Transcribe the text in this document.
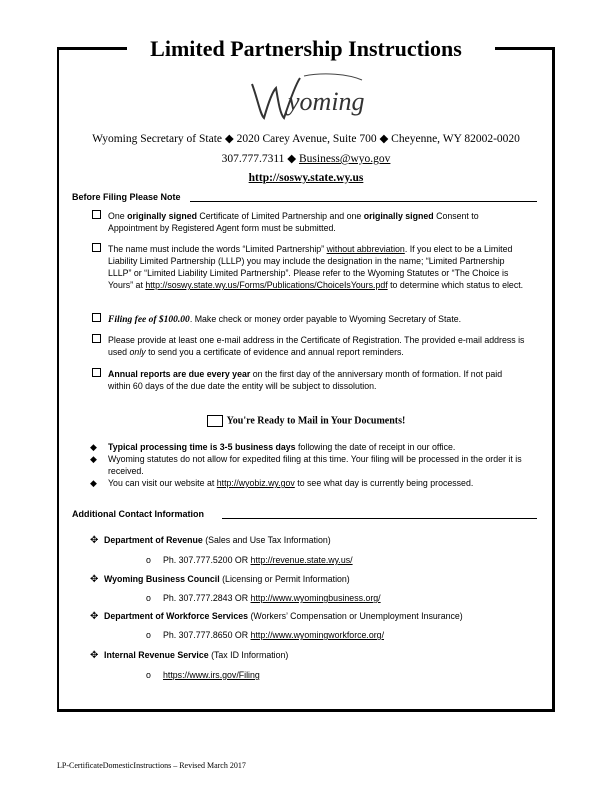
Limited Partnership Instructions
yoming
Wyoming Secretary of State ◆ 2020 Carey Avenue, Suite 700 ◆ Cheyenne, WY 82002-0020
307.777.7311 ◆ Business@wyo.gov
http://soswy.state.wy.us
Before Filing Please Note
One originally signed Certificate of Limited Partnership and one originally signed Consent to Appointment by Registered Agent form must be submitted.
The name must include the words “Limited Partnership” without abbreviation. If you elect to be a Limited Liability Limited Partnership (LLLP) you may include the designation in the name; “Limited Partnership LLLP” or “Limited Liability Limited Partnership”. Please refer to the Wyoming Statutes or “The Choice is Yours” at http://soswy.state.wy.us/Forms/Publications/ChoiceIsYours.pdf to determine which status to elect.
Filing fee of $100.00. Make check or money order payable to Wyoming Secretary of State.
Please provide at least one e-mail address in the Certificate of Registration. The provided e-mail address is used only to send you a certificate of evidence and annual report reminders.
Annual reports are due every year on the first day of the anniversary month of formation. If not paid within 60 days of the due date the entity will be subject to dissolution.
You're Ready to Mail in Your Documents!
◆ Typical processing time is 3-5 business days following the date of receipt in our office.
◆ Wyoming statutes do not allow for expedited filing at this time. Your filing will be processed in the order it is received.
◆ You can visit our website at http://wyobiz.wy.gov to see what day is currently being processed.
Additional Contact Information
✥ Department of Revenue (Sales and Use Tax Information)
o Ph. 307.777.5200 OR http://revenue.state.wy.us/
✥ Wyoming Business Council (Licensing or Permit Information)
o Ph. 307.777.2843 OR http://www.wyomingbusiness.org/
✥ Department of Workforce Services (Workers’ Compensation or Unemployment Insurance)
o Ph. 307.777.8650 OR http://www.wyomingworkforce.org/
✥ Internal Revenue Service (Tax ID Information)
o https://www.irs.gov/Filing
LP-CertificateDomesticInstructions – Revised March 2017
